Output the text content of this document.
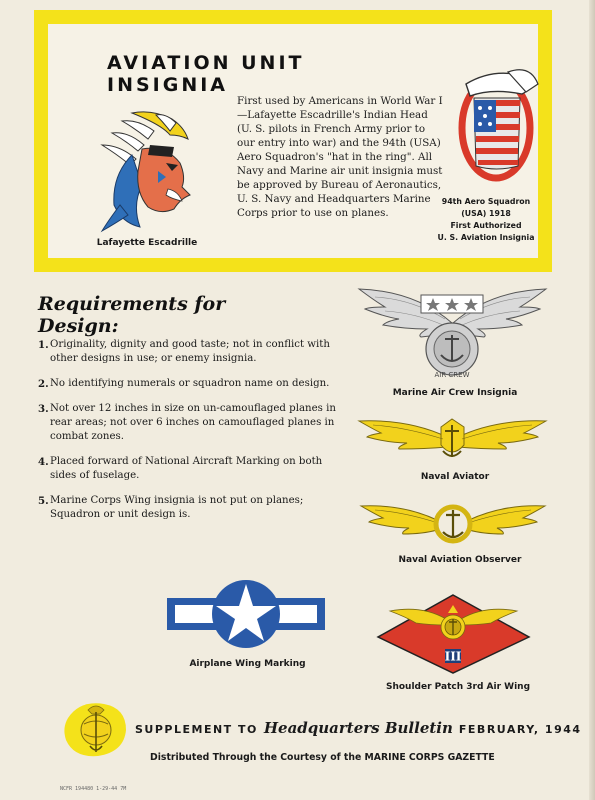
AVIATION UNIT INSIGNIA
First used by Americans in World War I—Lafayette Escadrille's Indian Head (U. S. pilots in French Army prior to our entry into war) and the 94th (USA) Aero Squadron's "hat in the ring". All Navy and Marine air unit insignia must be approved by Bureau of Aeronautics, U. S. Navy and Headquarters Marine Corps prior to use on planes.
Lafayette Escadrille
94th Aero Squadron
(USA) 1918
First Authorized
U. S. Aviation Insignia
Requirements for Design:
1. Originality, dignity and good taste; not in conflict with other designs in use; or enemy insignia.
2. No identifying numerals or squadron name on design.
3. Not over 12 inches in size on un-camouflaged planes in rear areas; not over 6 inches on camouflaged planes in combat zones.
4. Placed forward of National Aircraft Marking on both sides of fuselage.
5. Marine Corps Wing insignia is not put on planes; Squadron or unit design is.
AIR CREW
Marine Air Crew Insignia
Naval Aviator
Naval Aviation Observer
Airplane Wing Marking
III
Shoulder Patch 3rd Air Wing
SUPPLEMENT TO Headquarters Bulletin FEBRUARY, 1944
Distributed Through the Courtesy of the MARINE CORPS GAZETTE
NCFR 194480 1-29-44 7M
